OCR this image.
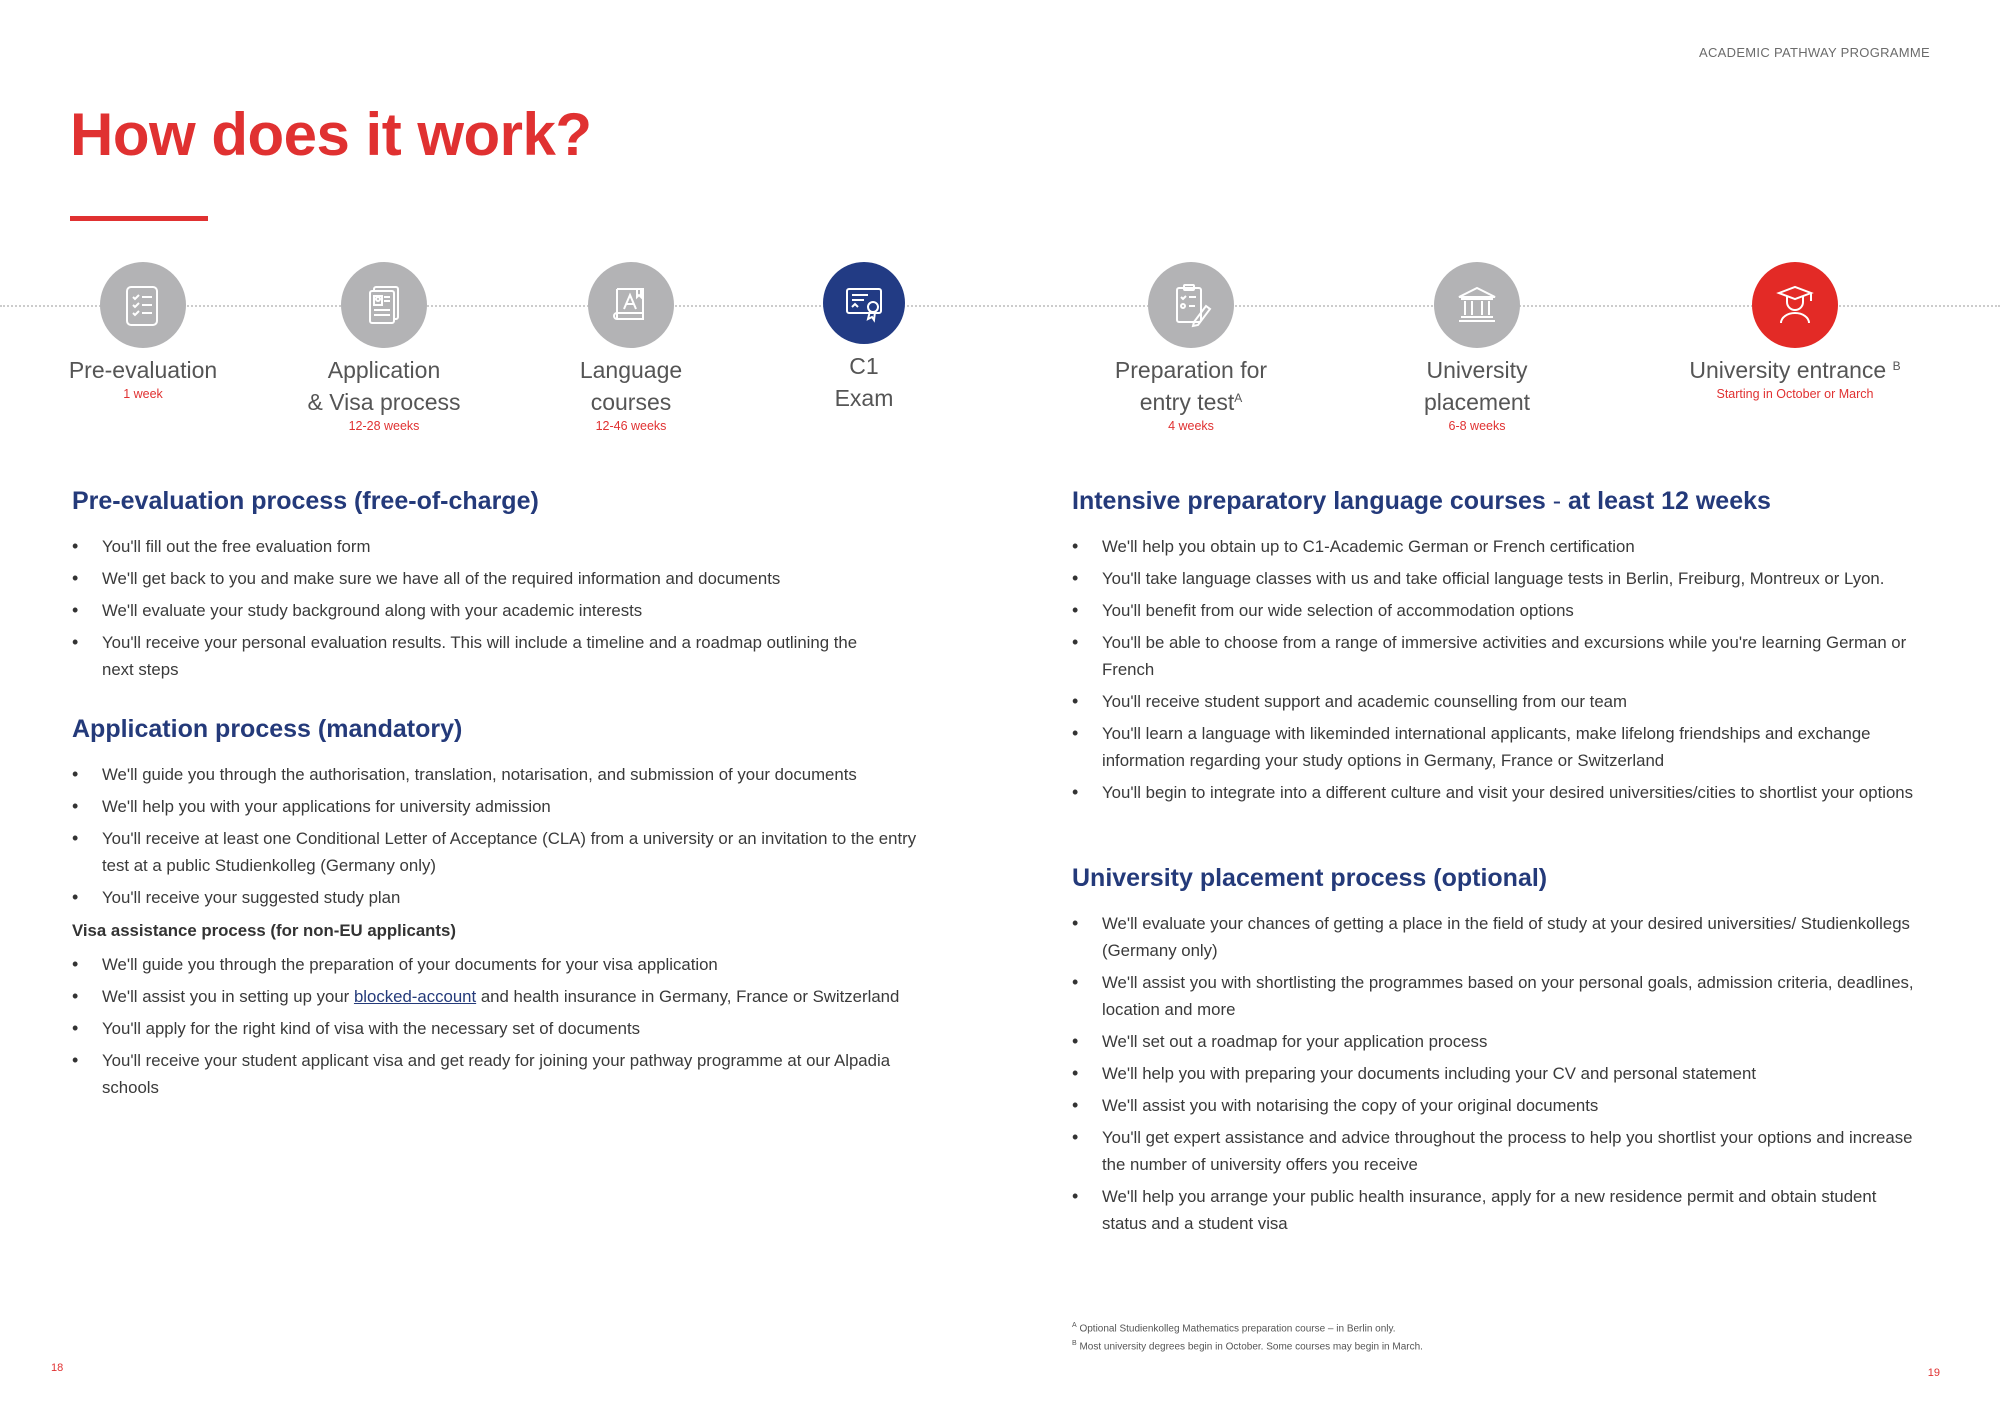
ACADEMIC PATHWAY PROGRAMME
How does it work?
Pre-evaluation
1 week
Application
& Visa process
12-28 weeks
Language
courses
12-46 weeks
C1
Exam
Preparation for
entry test$^A$
4 weeks
University
placement
6-8 weeks
University entrance $^B$
Starting in October or March
Pre-evaluation process (free-of-charge)
• You'll fill out the free evaluation form
• We'll get back to you and make sure we have all of the required information and documents
• We'll evaluate your study background along with your academic interests
• You'll receive your personal evaluation results. This will include a timeline and a roadmap outlining the next steps
Application process (mandatory)
• We'll guide you through the authorisation, translation, notarisation, and submission of your documents
• We'll help you with your applications for university admission
• You'll receive at least one Conditional Letter of Acceptance (CLA) from a university or an invitation to the entry test at a public Studienkolleg (Germany only)
• You'll receive your suggested study plan
Visa assistance process (for non-EU applicants)
• We'll guide you through the preparation of your documents for your visa application
• We'll assist you in setting up your blocked-account and health insurance in Germany, France or Switzerland
• You'll apply for the right kind of visa with the necessary set of documents
• You'll receive your student applicant visa and get ready for joining your pathway programme at our Alpadia schools
Intensive preparatory language courses - at least 12 weeks
• We'll help you obtain up to C1-Academic German or French certification
• You'll take language classes with us and take official language tests in Berlin, Freiburg, Montreux or Lyon.
• You'll benefit from our wide selection of accommodation options
• You'll be able to choose from a range of immersive activities and excursions while you're learning German or French
• You'll receive student support and academic counselling from our team
• You'll learn a language with likeminded international applicants, make lifelong friendships and exchange information regarding your study options in Germany, France or Switzerland
• You'll begin to integrate into a different culture and visit your desired universities/cities to shortlist your options
University placement process (optional)
• We'll evaluate your chances of getting a place in the field of study at your desired universities/ Studienkollegs (Germany only)
• We'll assist you with shortlisting the programmes based on your personal goals, admission criteria, deadlines, location and more
• We'll set out a roadmap for your application process
• We'll help you with preparing your documents including your CV and personal statement
• We'll assist you with notarising the copy of your original documents
• You'll get expert assistance and advice throughout the process to help you shortlist your options and increase the number of university offers you receive
• We'll help you arrange your public health insurance, apply for a new residence permit and obtain student status and a student visa
$^A$ Optional Studienkolleg Mathematics preparation course – in Berlin only.
$^B$ Most university degrees begin in October. Some courses may begin in March.
18	19
